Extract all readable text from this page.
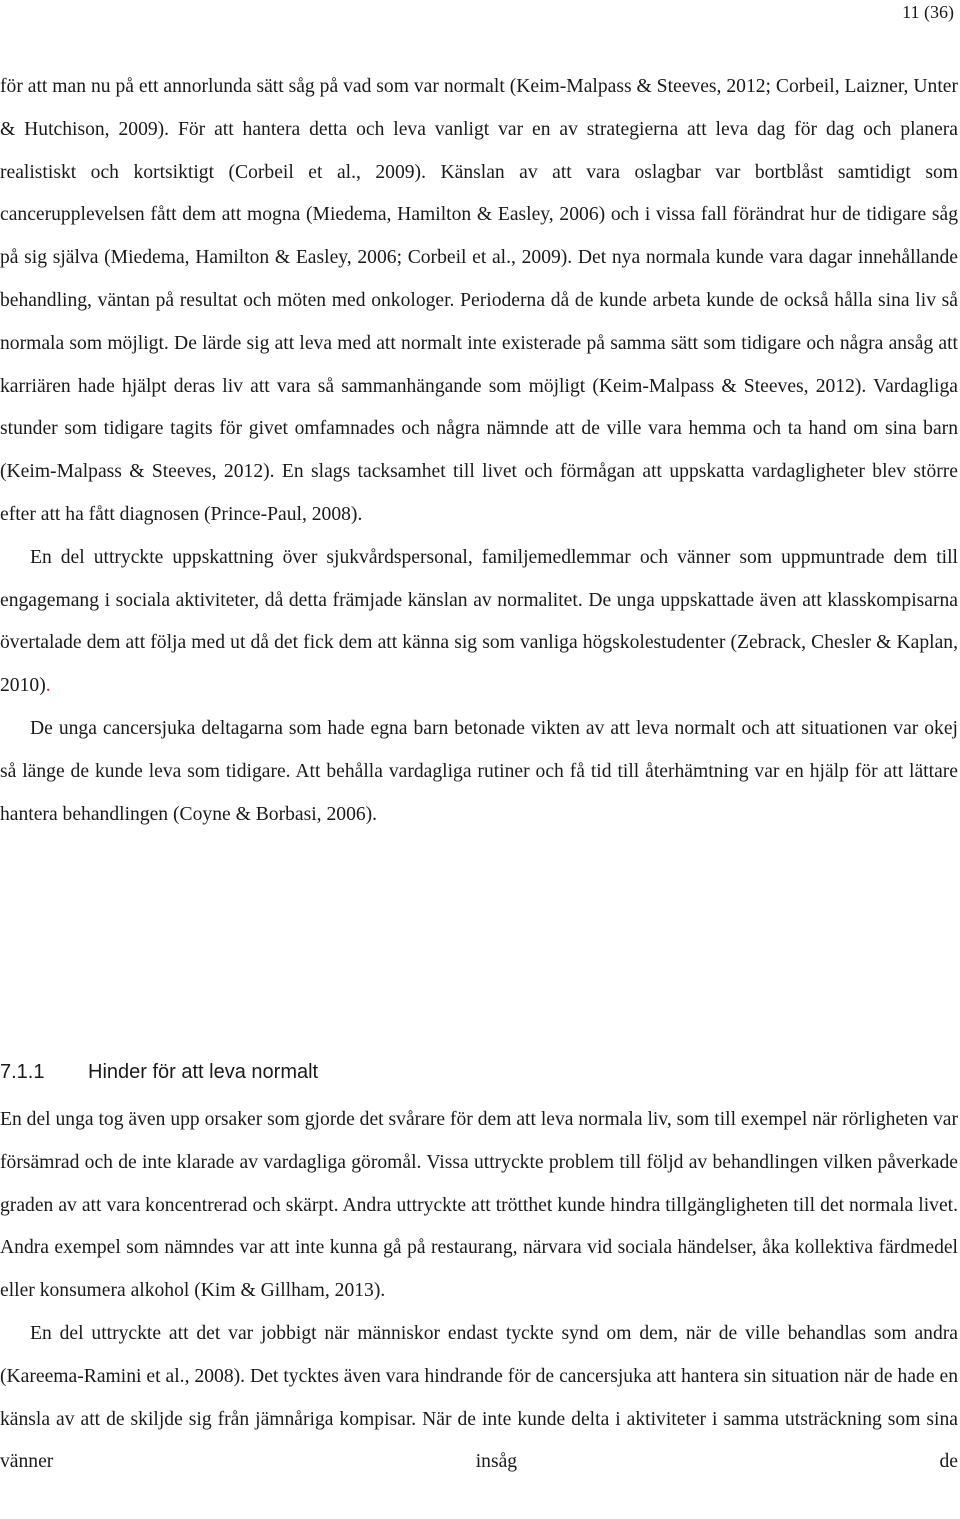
11 (36)

för att man nu på ett annorlunda sätt såg på vad som var normalt (Keim-Malpass & Steeves, 2012; Corbeil, Laizner, Unter & Hutchison, 2009). För att hantera detta och leva vanligt var en av strategierna att leva dag för dag och planera realistiskt och kortsiktigt (Corbeil et al., 2009). Känslan av att vara oslagbar var bortblåst samtidigt som cancerupplevelsen fått dem att mogna (Miedema, Hamilton & Easley, 2006) och i vissa fall förändrat hur de tidigare såg på sig själva (Miedema, Hamilton & Easley, 2006; Corbeil et al., 2009). Det nya normala kunde vara dagar innehållande behandling, väntan på resultat och möten med onkologer. Perioderna då de kunde arbeta kunde de också hålla sina liv så normala som möjligt. De lärde sig att leva med att normalt inte existerade på samma sätt som tidigare och några ansåg att karriären hade hjälpt deras liv att vara så sammanhängande som möjligt (Keim-Malpass & Steeves, 2012). Vardagliga stunder som tidigare tagits för givet omfamnades och några nämnde att de ville vara hemma och ta hand om sina barn (Keim-Malpass & Steeves, 2012). En slags tacksamhet till livet och förmågan att uppskatta vardagligheter blev större efter att ha fått diagnosen (Prince-Paul, 2008).

En del uttryckte uppskattning över sjukvårdspersonal, familjemedlemmar och vänner som uppmuntrade dem till engagemang i sociala aktiviteter, då detta främjade känslan av normalitet. De unga uppskattade även att klasskompisarna övertalade dem att följa med ut då det fick dem att känna sig som vanliga högskolestudenter (Zebrack, Chesler & Kaplan, 2010).

De unga cancersjuka deltagarna som hade egna barn betonade vikten av att leva normalt och att situationen var okej så länge de kunde leva som tidigare. Att behålla vardagliga rutiner och få tid till återhämtning var en hjälp för att lättare hantera behandlingen (Coyne & Borbasi, 2006).

7.1.1 Hinder för att leva normalt

En del unga tog även upp orsaker som gjorde det svårare för dem att leva normala liv, som till exempel när rörligheten var försämrad och de inte klarade av vardagliga göromål. Vissa uttryckte problem till följd av behandlingen vilken påverkade graden av att vara koncentrerad och skärpt. Andra uttryckte att trötthet kunde hindra tillgängligheten till det normala livet. Andra exempel som nämndes var att inte kunna gå på restaurang, närvara vid sociala händelser, åka kollektiva färdmedel eller konsumera alkohol (Kim & Gillham, 2013).

En del uttryckte att det var jobbigt när människor endast tyckte synd om dem, när de ville behandlas som andra (Kareema-Ramini et al., 2008). Det tycktes även vara hindrande för de cancersjuka att hantera sin situation när de hade en känsla av att de skiljde sig från jämnåriga kompisar. När de inte kunde delta i aktiviteter i samma utsträckning som sina vänner insåg de
